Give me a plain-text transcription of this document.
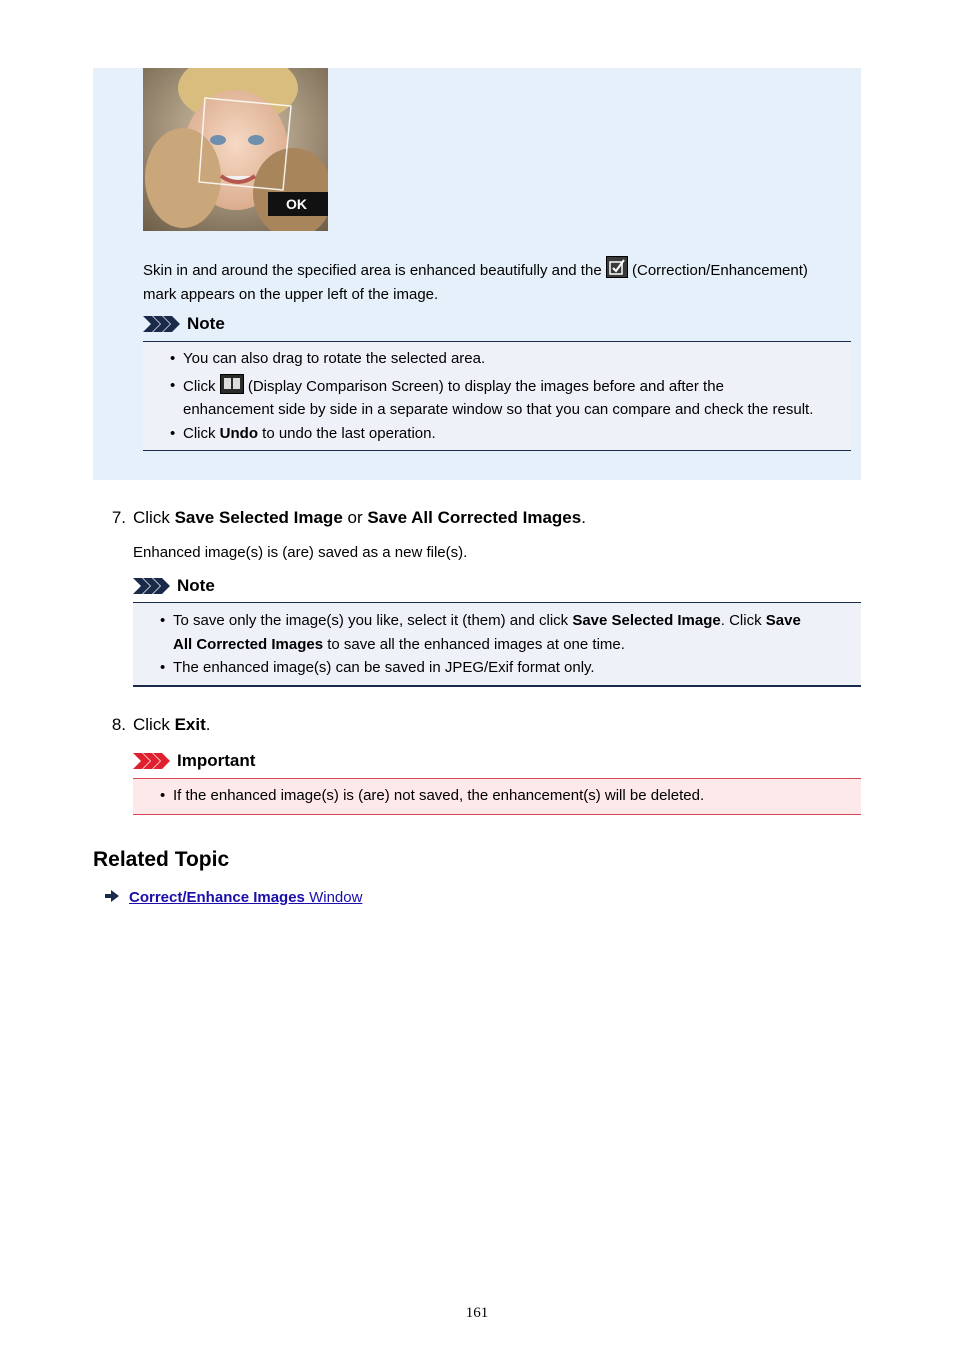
OK
Skin in and around the specified area is enhanced beautifully and the
(Correction/Enhancement)
mark appears on the upper left of the image.
Note
• You can also drag to rotate the selected area.
• Click
(Display Comparison Screen) to display the images before and after the
enhancement side by side in a separate window so that you can compare and check the result.
• Click Undo to undo the last operation.
7. Click Save Selected Image or Save All Corrected Images.
Enhanced image(s) is (are) saved as a new file(s).
Note
• To save only the image(s) you like, select it (them) and click Save Selected Image. Click Save
All Corrected Images to save all the enhanced images at one time.
• The enhanced image(s) can be saved in JPEG/Exif format only.
8. Click Exit.
Important
• If the enhanced image(s) is (are) not saved, the enhancement(s) will be deleted.
Related Topic
Correct/Enhance Images Window
161
